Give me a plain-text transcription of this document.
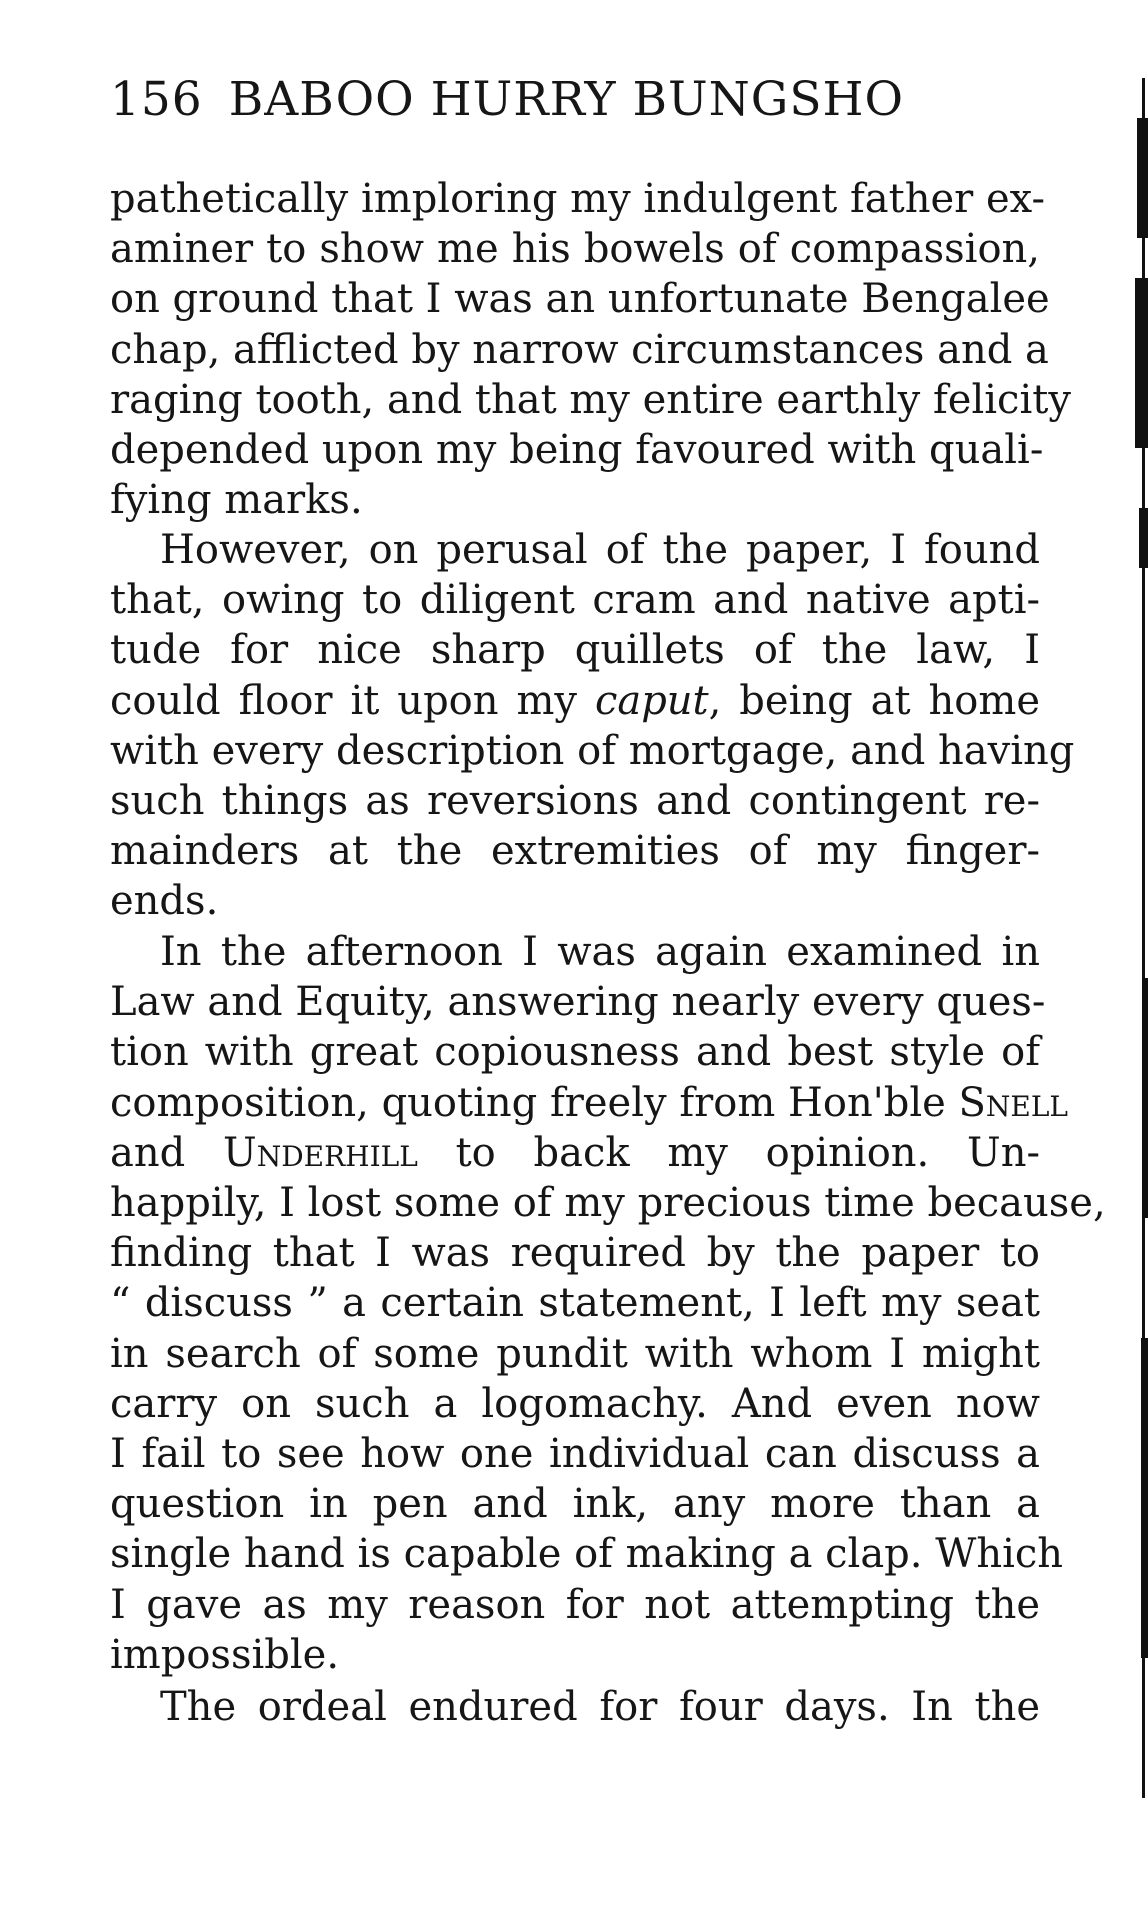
156 BABOO HURRY BUNGSHO
pathetically imploring my indulgent father ex-
aminer to show me his bowels of compassion,
on ground that I was an unfortunate Bengalee
chap, afflicted by narrow circumstances and a
raging tooth, and that my entire earthly felicity
depended upon my being favoured with quali-
fying marks.
However, on perusal of the paper, I found
that, owing to diligent cram and native apti-
tude for nice sharp quillets of the law, I
could floor it upon my caput, being at home
with every description of mortgage, and having
such things as reversions and contingent re-
mainders at the extremities of my finger-
ends.
In the afternoon I was again examined in
Law and Equity, answering nearly every ques-
tion with great copiousness and best style of
composition, quoting freely from Hon'ble Snell
and Underhill to back my opinion. Un-
happily, I lost some of my precious time because,
finding that I was required by the paper to
“ discuss ” a certain statement, I left my seat
in search of some pundit with whom I might
carry on such a logomachy. And even now
I fail to see how one individual can discuss a
question in pen and ink, any more than a
single hand is capable of making a clap. Which
I gave as my reason for not attempting the
impossible.
The ordeal endured for four days. In the
